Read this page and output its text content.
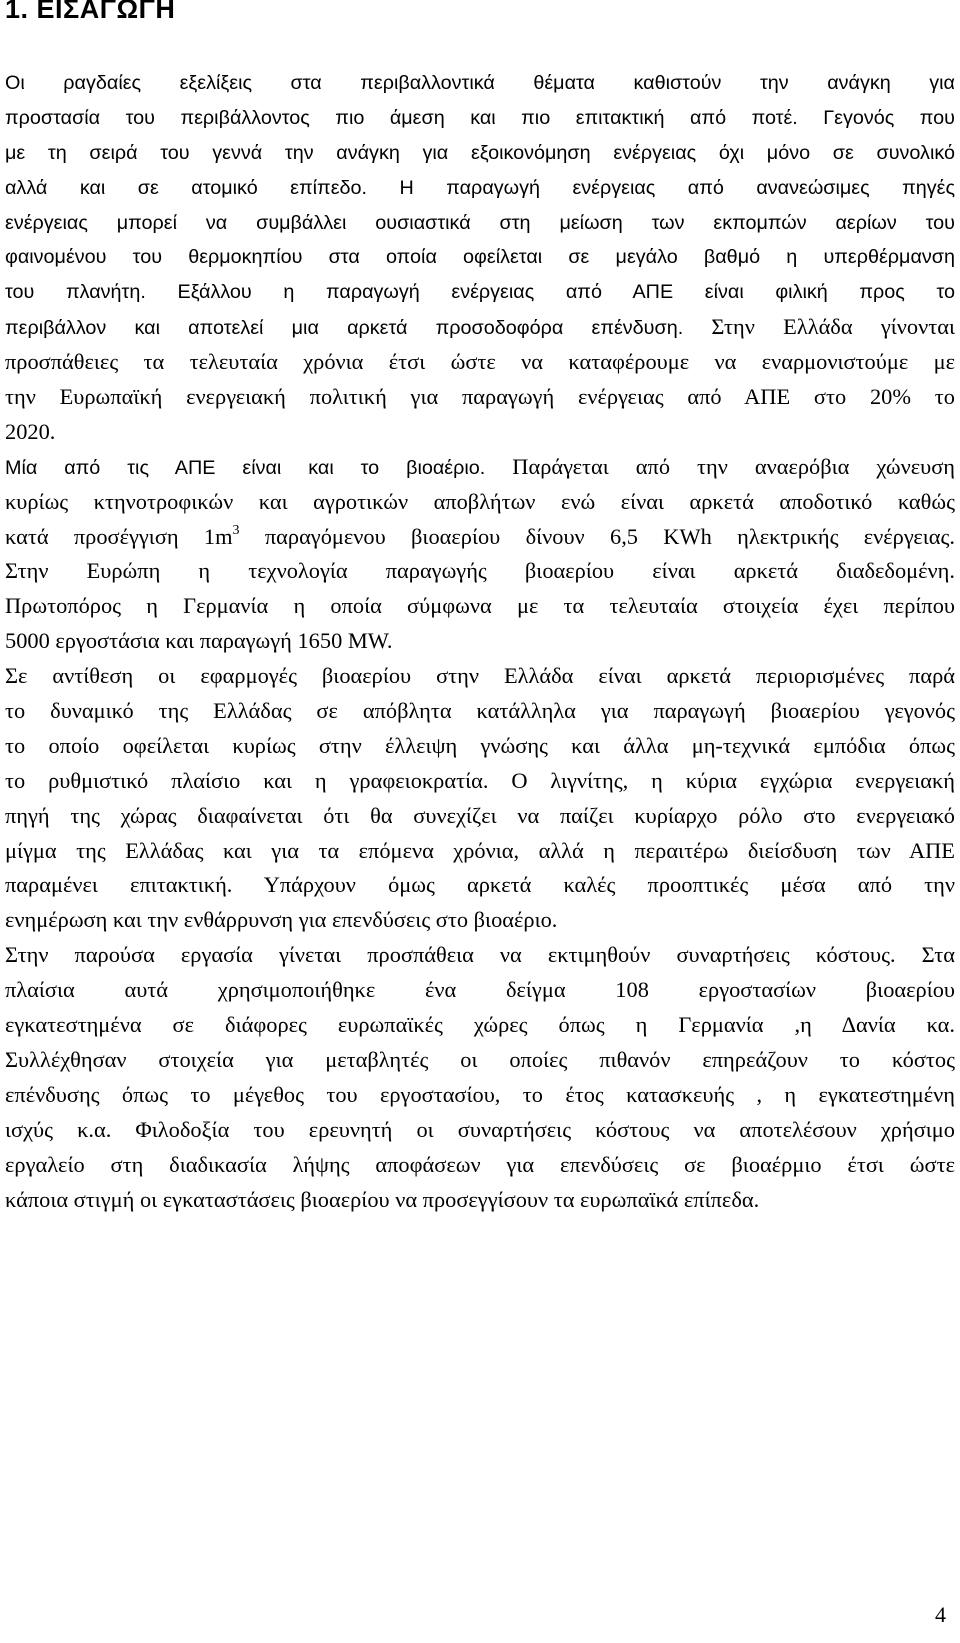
1. ΕΙΣΑΓΩΓΗ
Οι ραγδαίες εξελίξεις στα περιβαλλοντικά θέματα καθιστούν την ανάγκη για
προστασία του περιβάλλοντος πιο άμεση και πιο επιτακτική από ποτέ. Γεγονός που
με τη σειρά του γεννά την ανάγκη για εξοικονόμηση ενέργειας όχι μόνο σε συνολικό
αλλά και σε ατομικό επίπεδο. Η παραγωγή ενέργειας από ανανεώσιμες πηγές
ενέργειας μπορεί να συμβάλλει ουσιαστικά στη μείωση των εκπομπών αερίων του
φαινομένου του θερμοκηπίου στα οποία οφείλεται σε μεγάλο βαθμό η υπερθέρμανση
του πλανήτη. Εξάλλου η παραγωγή ενέργειας από ΑΠΕ είναι φιλική προς το
περιβάλλον και αποτελεί μια αρκετά προσοδοφόρα επένδυση. Στην Ελλάδα γίνονται
προσπάθειες τα τελευταία χρόνια έτσι ώστε να καταφέρουμε να εναρμονιστούμε με
την Ευρωπαϊκή ενεργειακή πολιτική για παραγωγή ενέργειας από ΑΠΕ στο 20% το
2020.
Μία από τις ΑΠΕ είναι και το βιοαέριο. Παράγεται από την αναερόβια χώνευση
κυρίως κτηνοτροφικών και αγροτικών αποβλήτων ενώ είναι αρκετά αποδοτικό καθώς
κατά προσέγγιση $1m^3$ παραγόμενου βιοαερίου δίνουν 6,5 KWh ηλεκτρικής ενέργειας.
Στην Ευρώπη η τεχνολογία παραγωγής βιοαερίου είναι αρκετά διαδεδομένη.
Πρωτοπόρος η Γερμανία η οποία σύμφωνα με τα τελευταία στοιχεία έχει περίπου
5000 εργοστάσια και παραγωγή 1650 MW.
Σε αντίθεση οι εφαρμογές βιοαερίου στην Ελλάδα είναι αρκετά περιορισμένες παρά
το δυναμικό της Ελλάδας σε απόβλητα κατάλληλα για παραγωγή βιοαερίου γεγονός
το οποίο οφείλεται κυρίως στην έλλειψη γνώσης και άλλα μη-τεχνικά εμπόδια όπως
το ρυθμιστικό πλαίσιο και η γραφειοκρατία. Ο λιγνίτης, η κύρια εγχώρια ενεργειακή
πηγή της χώρας διαφαίνεται ότι θα συνεχίζει να παίζει κυρίαρχο ρόλο στο ενεργειακό
μίγμα της Ελλάδας και για τα επόμενα χρόνια, αλλά η περαιτέρω διείσδυση των ΑΠΕ
παραμένει επιτακτική. Υπάρχουν όμως αρκετά καλές προοπτικές μέσα από την
ενημέρωση και την ενθάρρυνση για επενδύσεις στο βιοαέριο.
Στην παρούσα εργασία γίνεται προσπάθεια να εκτιμηθούν συναρτήσεις κόστους. Στα
πλαίσια αυτά χρησιμοποιήθηκε ένα δείγμα 108 εργοστασίων βιοαερίου
εγκατεστημένα σε διάφορες ευρωπαϊκές χώρες όπως η Γερμανία ,η Δανία κα.
Συλλέχθησαν στοιχεία για μεταβλητές οι οποίες πιθανόν επηρεάζουν το κόστος
επένδυσης όπως το μέγεθος του εργοστασίου, το έτος κατασκευής , η εγκατεστημένη
ισχύς κ.α. Φιλοδοξία του ερευνητή οι συναρτήσεις κόστους να αποτελέσουν χρήσιμο
εργαλείο στη διαδικασία λήψης αποφάσεων για επενδύσεις σε βιοαέρμιο έτσι ώστε
κάποια στιγμή οι εγκαταστάσεις βιοαερίου να προσεγγίσουν τα ευρωπαϊκά επίπεδα.
4
